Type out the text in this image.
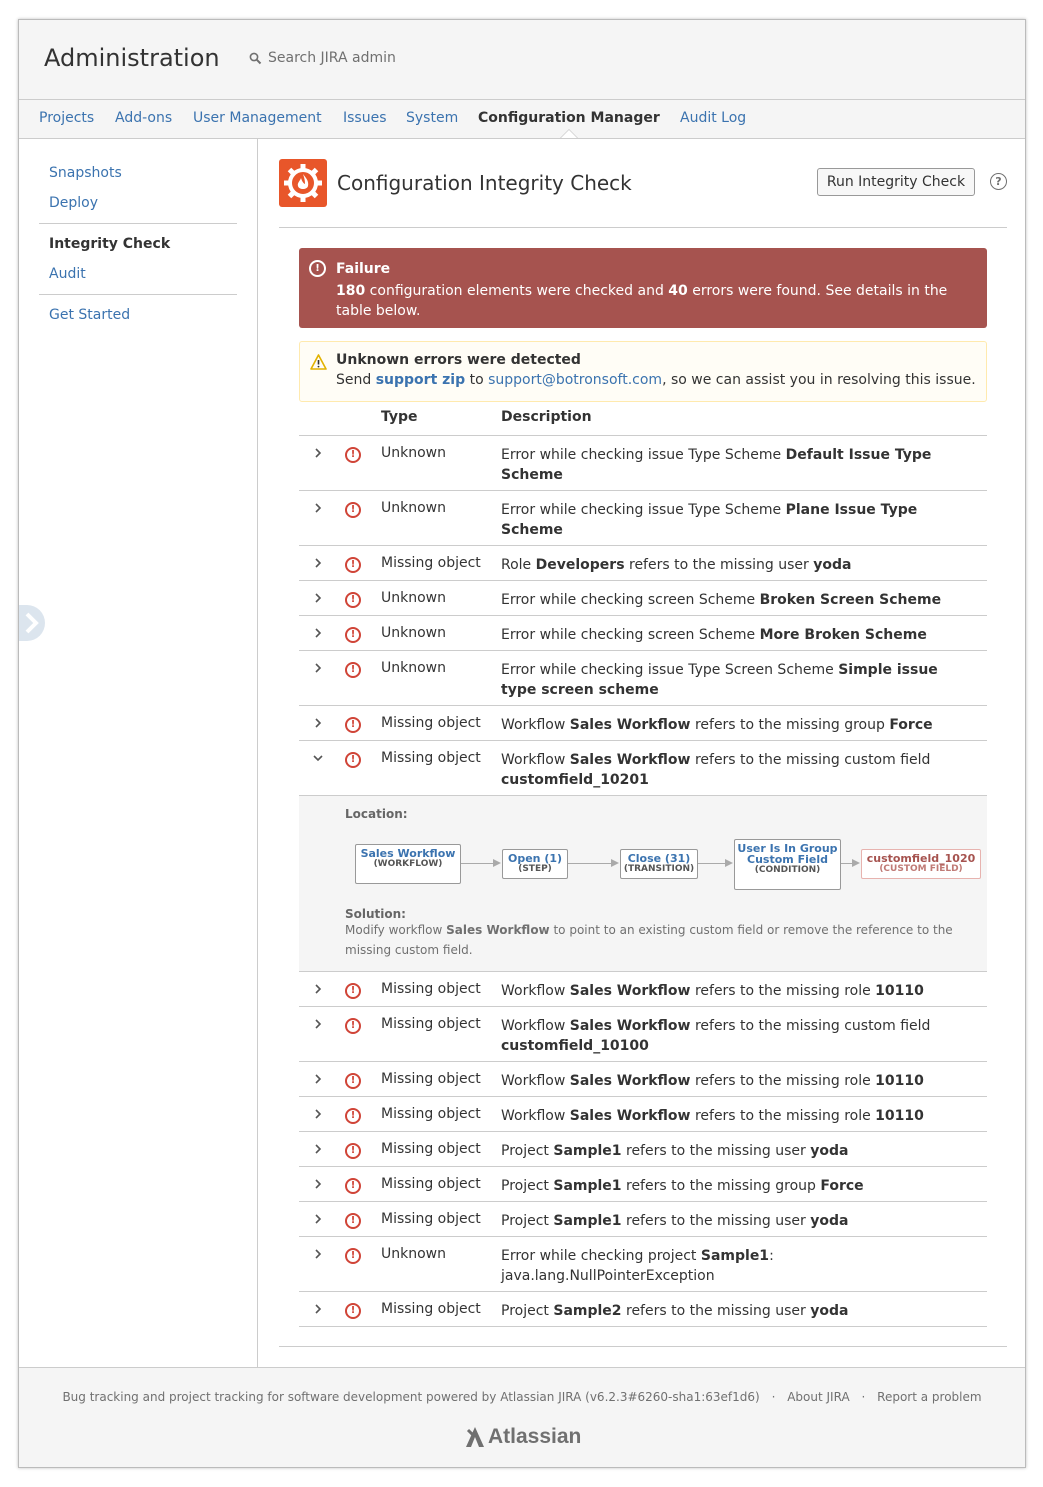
Administration	Search JIRA admin
Projects Add-ons User Management Issues System Configuration Manager Audit Log
Snapshots
Deploy
Integrity Check
Audit
Get Started
Configuration Integrity Check	Run Integrity Check	?
!	Failure
180 configuration elements were checked and 40 errors were found. See details in the table below.
Unknown errors were detected
Send support zip to support@botronsoft.com, so we can assist you in resolving this issue.
Type	Description
!	Unknown	Error while checking issue Type Scheme Default Issue Type Scheme
!	Unknown	Error while checking issue Type Scheme Plane Issue Type Scheme
!	Missing object Role Developers refers to the missing user yoda
!	Unknown	Error while checking screen Scheme Broken Screen Scheme
!	Unknown	Error while checking screen Scheme More Broken Scheme
!	Unknown	Error while checking issue Type Screen Scheme Simple issue type screen scheme
!	Missing object Workflow Sales Workflow refers to the missing group Force
!	Missing object Workflow Sales Workflow refers to the missing custom field customfield_10201
Location:
Sales Workflow
(WORKFLOW)	Open (1)
(STEP)
Close (31)
(TRANSITION)
User Is In Group Custom Field
(CONDITION)
customfield_1020
(CUSTOM FIELD)
Solution:
Modify workflow Sales Workflow to point to an existing custom field or remove the reference to the missing custom field.
!	Missing object Workflow Sales Workflow refers to the missing role 10110
!	Missing object Workflow Sales Workflow refers to the missing custom field customfield_10100
!	Missing object Workflow Sales Workflow refers to the missing role 10110
!	Missing object Workflow Sales Workflow refers to the missing role 10110
!	Missing object Project Sample1 refers to the missing user yoda
!	Missing object Project Sample1 refers to the missing group Force
!	Missing object Project Sample1 refers to the missing user yoda
!	Unknown	Error while checking project Sample1: java.lang.NullPointerException
!	Missing object Project Sample2 refers to the missing user yoda
Bug tracking and project tracking for software development powered by Atlassian JIRA (v6.2.3#6260-sha1:63ef1d6) · About JIRA · Report a problem
Atlassian
